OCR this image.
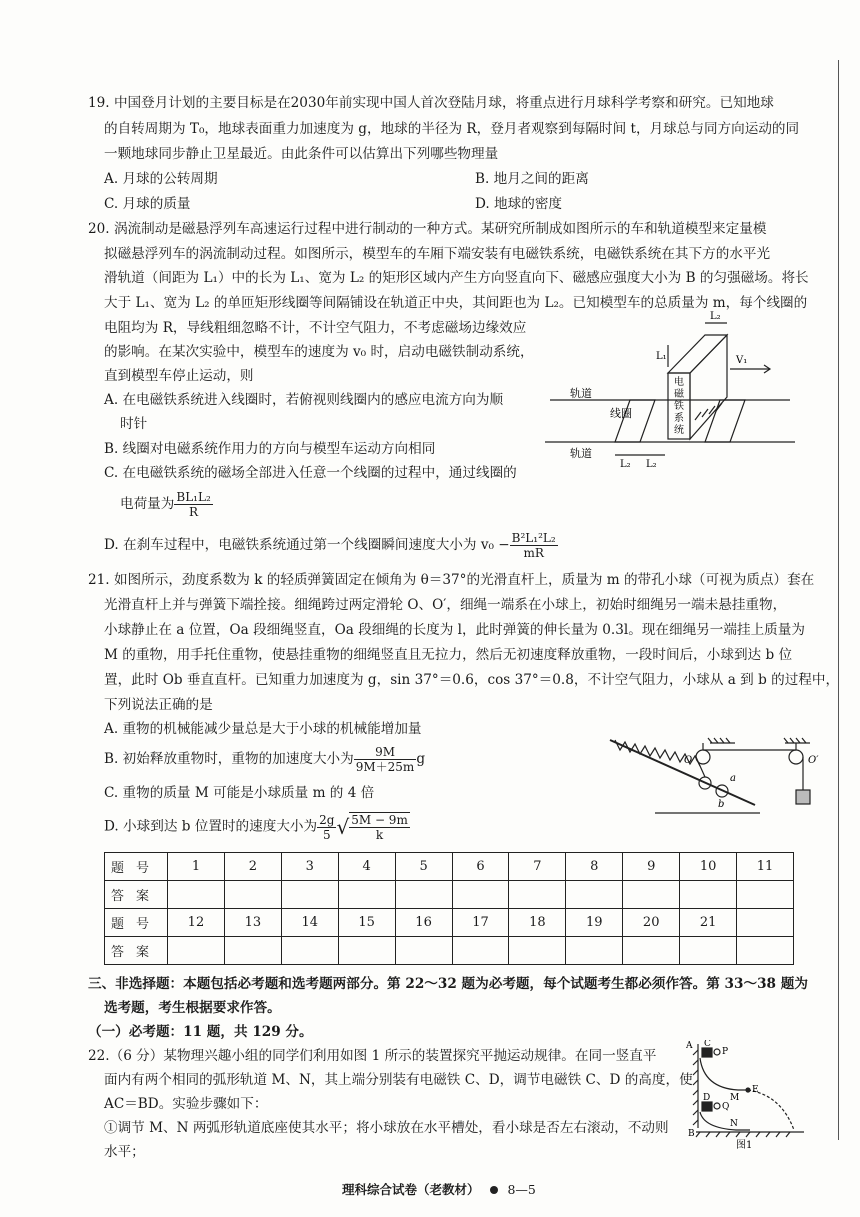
19. 中国登月计划的主要目标是在2030年前实现中国人首次登陆月球，将重点进行月球科学考察和研究。已知地球
的自转周期为 T₀，地球表面重力加速度为 g，地球的半径为 R，登月者观察到每隔时间 t，月球总与同方向运动的同
一颗地球同步静止卫星最近。由此条件可以估算出下列哪些物理量
A. 月球的公转周期	B. 地月之间的距离
C. 月球的质量	D. 地球的密度
20. 涡流制动是磁悬浮列车高速运行过程中进行制动的一种方式。某研究所制成如图所示的车和轨道模型来定量模
拟磁悬浮列车的涡流制动过程。如图所示，模型车的车厢下端安装有电磁铁系统，电磁铁系统在其下方的水平光
滑轨道（间距为 L₁）中的长为 L₁、宽为 L₂ 的矩形区域内产生方向竖直向下、磁感应强度大小为 B 的匀强磁场。将长
大于 L₁、宽为 L₂ 的单匝矩形线圈等间隔铺设在轨道正中央，其间距也为 L₂。已知模型车的总质量为 m，每个线圈的
电阻均为 R，导线粗细忽略不计，不计空气阻力，不考虑磁场边缘效应
的影响。在某次实验中，模型车的速度为 v₀ 时，启动电磁铁制动系统，
直到模型车停止运动，则
A. 在电磁铁系统进入线圈时，若俯视则线圈内的感应电流方向为顺
时针
B. 线圈对电磁系统作用力的方向与模型车运动方向相同
C. 在电磁铁系统的磁场全部进入任意一个线圈的过程中，通过线圈的
电荷量为 $\frac{\text{BL₁L₂}}{R}$
D. 在刹车过程中，电磁铁系统通过第一个线圈瞬间速度大小为 $v_0 - \frac{\text{B²L₁²L₂}}{mR}$
轨道
轨道
线圈
L₂
L₁	V₁
L₂ L₂
电 磁 铁 系 统
21. 如图所示，劲度系数为 k 的轻质弹簧固定在倾角为 θ＝37°的光滑直杆上，质量为 m 的带孔小球（可视为质点）套在
光滑直杆上并与弹簧下端拴接。细绳跨过两定滑轮 O、O′，细绳一端系在小球上，初始时细绳另一端未悬挂重物，
小球静止在 a 位置，Oa 段细绳竖直，Oa 段细绳的长度为 l，此时弹簧的伸长量为 0.3l。现在细绳另一端挂上质量为
M 的重物，用手托住重物，使悬挂重物的细绳竖直且无拉力，然后无初速度释放重物，一段时间后，小球到达 b 位
置，此时 Ob 垂直直杆。已知重力加速度为 g，sin 37°＝0.6，cos 37°＝0.8，不计空气阻力，小球从 a 到 b 的过程中，
下列说法正确的是
A. 重物的机械能减少量总是大于小球的机械能增加量
B. 初始释放重物时，重物的加速度大小为 $\frac{9M}{9M+25m}$ g
C. 重物的质量 M 可能是小球质量 m 的 4 倍
D. 小球到达 b 位置时的速度大小为 $\frac{2g}{5}$ √ $\frac{5M - 9m}{k}$
O	O′
a
b
题号	1	2	3	4	5	6	7	8	9	10	11
答案											
题号	12	13	14	15	16	17	18	19	20	21	
答案											
三、非选择题：本题包括必考题和选考题两部分。第 22～32 题为必考题，每个试题考生都必须作答。第 33～38 题为
选考题，考生根据要求作答。
（一）必考题：11 题，共 129 分。
22.（6 分）某物理兴趣小组的同学们利用如图 1 所示的装置探究平抛运动规律。在同一竖直平
面内有两个相同的弧形轨道 M、N，其上端分别装有电磁铁 C、D，调节电磁铁 C、D 的高度，使
AC＝BD。实验步骤如下：
①调节 M、N 两弧形轨道底座使其水平；将小球放在水平槽处，看小球是否左右滚动，不动则
水平；
A C
P
M
E
D
Q
N
B
图1
理科综合试卷（老教材） 8—5
